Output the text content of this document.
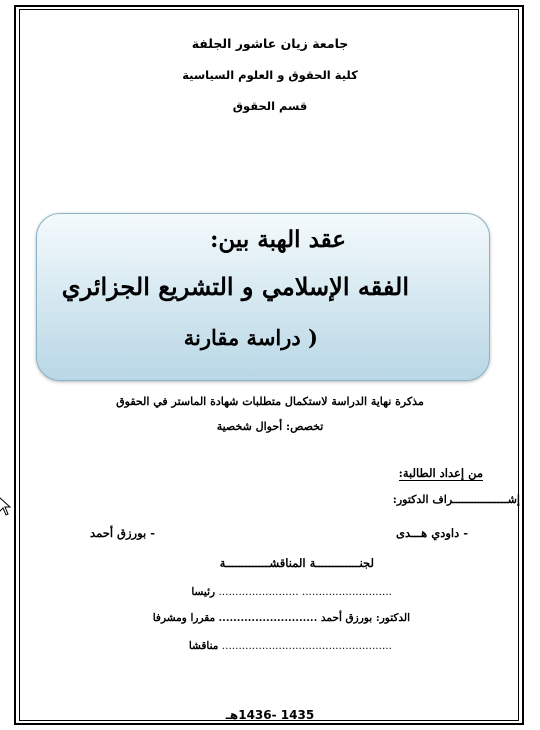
جامعة زيان عاشور الجلفة
كلية الحقوق و العلوم السياسية
قسم الحقوق
عقد الهبة بين:
الفقه الإسلامي و التشريع الجزائري
( دراسة مقارنة
مذكرة نهاية الدراسة لاستكمال متطلبات شهادة الماستر في الحقوق
تخصص: أحوال شخصية
من إعداد الطالبة:
إشـــــــــــــــــراف الدكتور:
- داودي هـــدى
- بورزق أحمد
لجنـــــــــــــة المناقشـــــــــــــة
........................... ........................ رئيسا
الدكتور: بورزق أحمد ........................... مقررا ومشرفا
................................................... مناقشا
1435 -1436هـ
